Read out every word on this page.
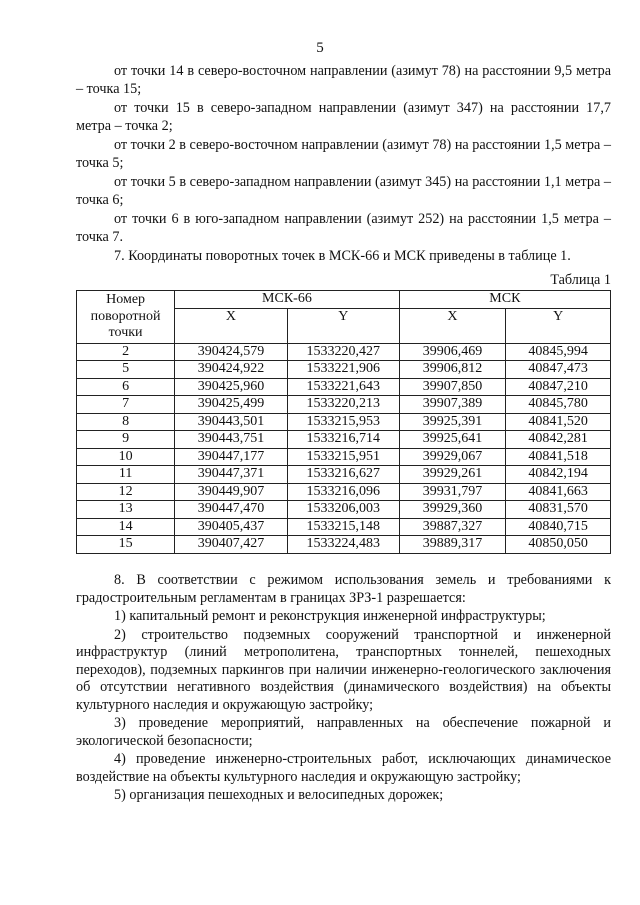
5

от точки 14 в северо-восточном направлении (азимут 78) на расстоянии 9,5 метра – точка 15;

от точки 15 в северо-западном направлении (азимут 347) на расстоянии 17,7 метра – точка 2;

от точки 2 в северо-восточном направлении (азимут 78) на расстоянии 1,5 метра – точка 5;

от точки 5 в северо-западном направлении (азимут 345) на расстоянии 1,1 метра – точка 6;

от точки 6 в юго-западном направлении (азимут 252) на расстоянии 1,5 метра – точка 7.

7. Координаты поворотных точек в МСК-66 и МСК приведены в таблице 1.

Таблица 1
Номер поворотной точки	МСК-66		МСК	
	X	Y	X	Y
2	390424,579	1533220,427	39906,469	40845,994
5	390424,922	1533221,906	39906,812	40847,473
6	390425,960	1533221,643	39907,850	40847,210
7	390425,499	1533220,213	39907,389	40845,780
8	390443,501	1533215,953	39925,391	40841,520
9	390443,751	1533216,714	39925,641	40842,281
10	390447,177	1533215,951	39929,067	40841,518
11	390447,371	1533216,627	39929,261	40842,194
12	390449,907	1533216,096	39931,797	40841,663
13	390447,470	1533206,003	39929,360	40831,570
14	390405,437	1533215,148	39887,327	40840,715
15	390407,427	1533224,483	39889,317	40850,050

8. В соответствии с режимом использования земель и требованиями к градостроительным регламентам в границах ЗРЗ-1 разрешается:

1) капитальный ремонт и реконструкция инженерной инфраструктуры;

2) строительство подземных сооружений транспортной и инженерной инфраструктур (линий метрополитена, транспортных тоннелей, пешеходных переходов), подземных паркингов при наличии инженерно-геологического заключения об отсутствии негативного воздействия (динамического воздействия) на объекты культурного наследия и окружающую застройку;

3) проведение мероприятий, направленных на обеспечение пожарной и экологической безопасности;

4) проведение инженерно-строительных работ, исключающих динамическое воздействие на объекты культурного наследия и окружающую застройку;

5) организация пешеходных и велосипедных дорожек;
